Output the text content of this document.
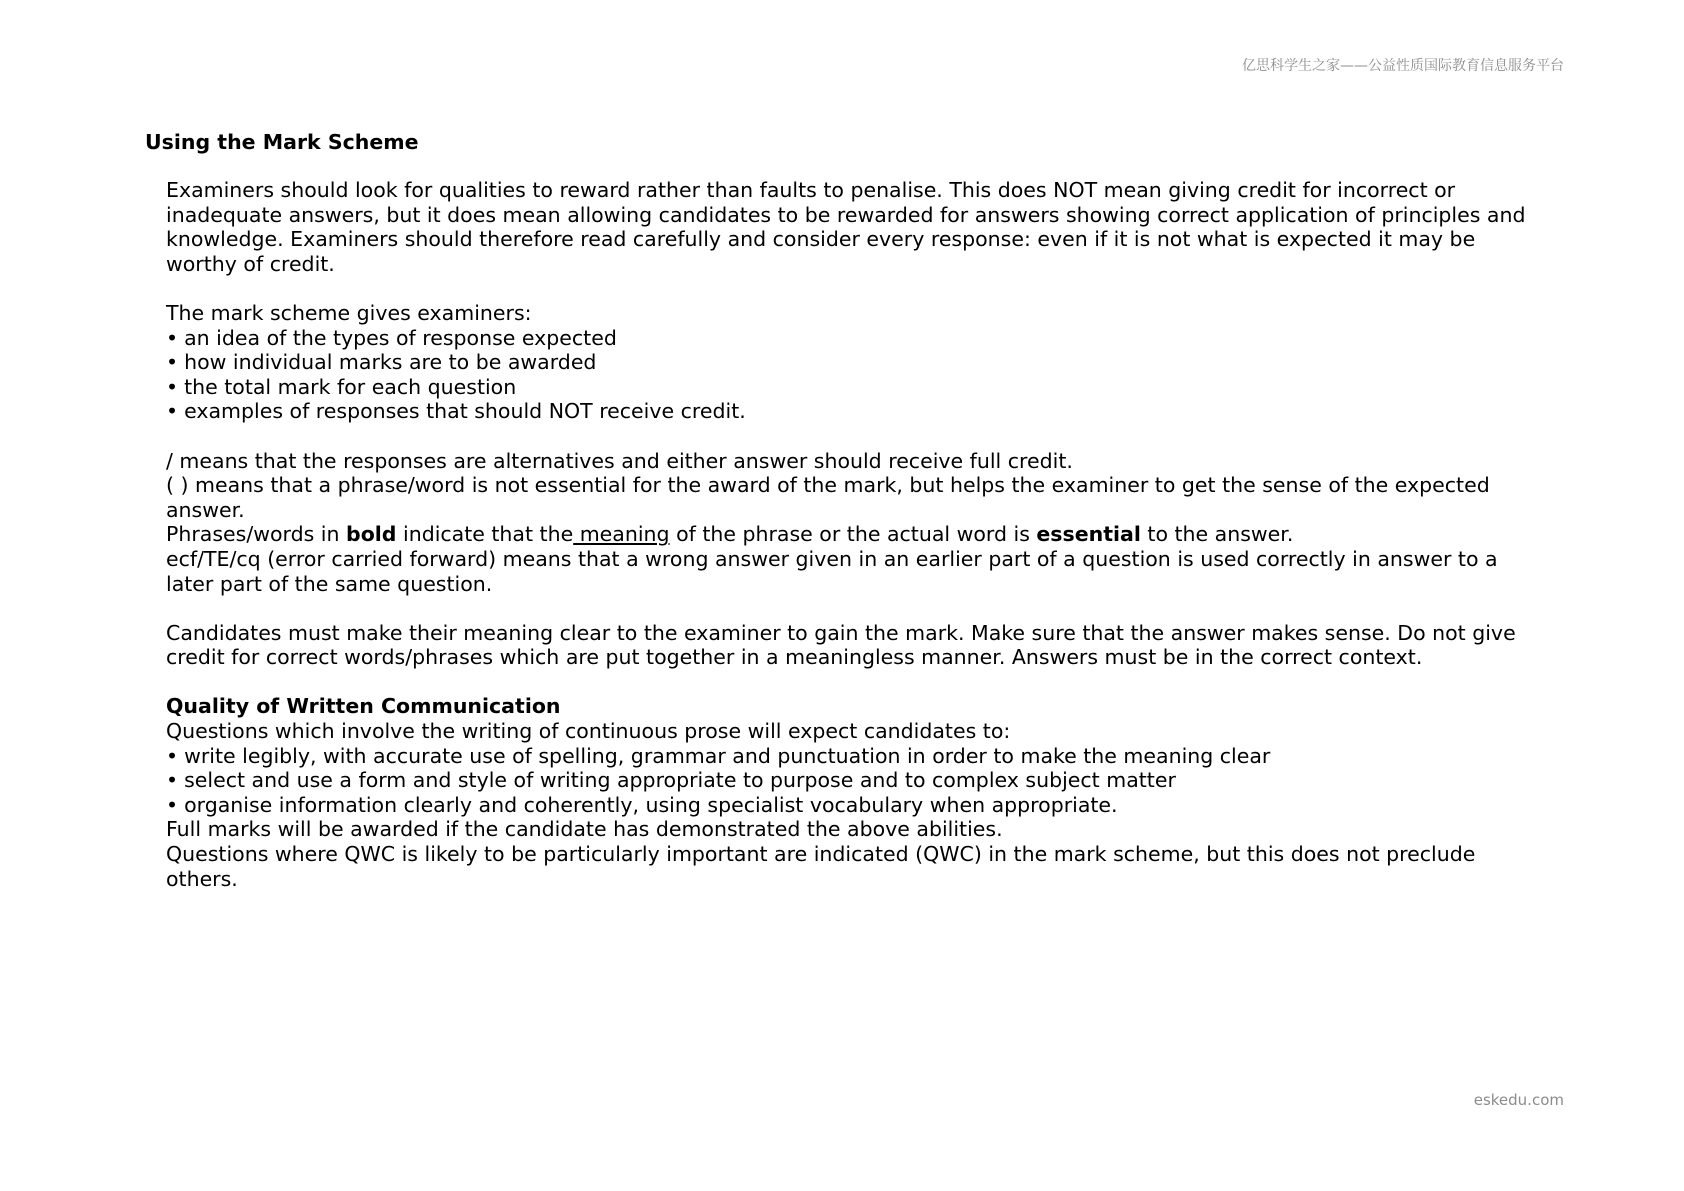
亿思科学生之家——公益性质国际教育信息服务平台
Using the Mark Scheme

Examiners should look for qualities to reward rather than faults to penalise. This does NOT mean giving credit for incorrect or

inadequate answers, but it does mean allowing candidates to be rewarded for answers showing correct application of principles and

knowledge. Examiners should therefore read carefully and consider every response: even if it is not what is expected it may be

worthy of credit.

The mark scheme gives examiners:

• an idea of the types of response expected

• how individual marks are to be awarded

• the total mark for each question

• examples of responses that should NOT receive credit.

/ means that the responses are alternatives and either answer should receive full credit.

( ) means that a phrase/word is not essential for the award of the mark, but helps the examiner to get the sense of the expected

answer.

Phrases/words in bold indicate that the meaning of the phrase or the actual word is essential to the answer.

ecf/TE/cq (error carried forward) means that a wrong answer given in an earlier part of a question is used correctly in answer to a

later part of the same question.

Candidates must make their meaning clear to the examiner to gain the mark. Make sure that the answer makes sense. Do not give

credit for correct words/phrases which are put together in a meaningless manner. Answers must be in the correct context.

Quality of Written Communication

Questions which involve the writing of continuous prose will expect candidates to:

• write legibly, with accurate use of spelling, grammar and punctuation in order to make the meaning clear

• select and use a form and style of writing appropriate to purpose and to complex subject matter

• organise information clearly and coherently, using specialist vocabulary when appropriate.

Full marks will be awarded if the candidate has demonstrated the above abilities.

Questions where QWC is likely to be particularly important are indicated (QWC) in the mark scheme, but this does not preclude

others.

eskedu.com
